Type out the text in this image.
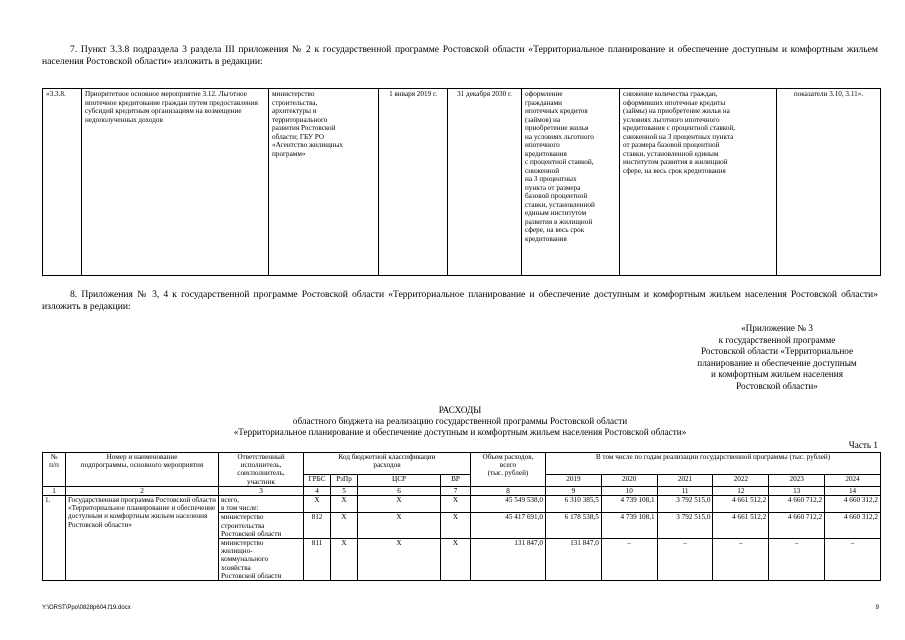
7. Пункт 3.3.8 подраздела 3 раздела III приложения № 2 к государственной программе Ростовской области «Территориальное планирование и обеспечение доступным и комфортным жильем населения Ростовской области» изложить в редакции:
«3.3.8.	Приоритетное основное мероприятие 3.12. Льготное ипотечное кредитование граждан путем предоставления субсидий кредитным организациям на возмещение недополученных доходов	министерство
строительства,
архитектуры и
территориального
развития Ростовской
области; ГБУ РО
«Агентство жилищных
программ»	1 января 2019 г.	31 декабря 2030 г.	оформление
гражданами
ипотечных кредитов
(займов) на
приобретение жилья
на условиях льготного
ипотечного
кредитования
с процентной ставкой,
сниженной
на 3 процентных
пункта от размера
базовой процентной
ставки, установленной
единым институтом
развития в жилищной
сфере, на весь срок
кредитования	снижение количества граждан,
оформивших ипотечные кредиты
(займы) на приобретение жилья на
условиях льготного ипотечного
кредитования с процентной ставкой,
сниженной на 3 процентных пункта
от размера базовой процентной
ставки, установленной единым
институтом развития в жилищной
сфере, на весь срок кредитования	показатели 3.10, 3.11».
8. Приложения № 3, 4 к государственной программе Ростовской области «Территориальное планирование и обеспечение доступным и комфортным жильем населения Ростовской области» изложить в редакции:
«Приложение № 3
к государственной программе
Ростовской области «Территориальное
планирование и обеспечение доступным
и комфортным жильем населения
Ростовской области»
РАСХОДЫ
областного бюджета на реализацию государственной программы Ростовской области
«Территориальное планирование и обеспечение доступным и комфортным жильем населения Ростовской области»
Часть 1
№
п/п	Номер и наименование
подпрограммы, основного мероприятия	Ответственный
исполнитель,
соисполнитель,
участник	Код бюджетной классификации
расходов				Объем расходов,
всего
(тыс. рублей)	В том числе по годам реализации государственной программы (тыс. рублей)					
			ГРБС	РзПр	ЦСР	ВР		2019	2020	2021	2022	2023	2024
1	2	3	4	5	6	7	8	9	10	11	12	13	14
1.	Государственная программа Ростовской области «Территориальное планирование и обеспечение доступным и комфортным жильем населения Ростовской области»	всего,
в том числе:	Х	Х	Х	Х	45 549 538,0	6 310 385,5	4 739 108,1	3 792 515,0	4 661 512,2	4 660 712,2	4 660 312,2
		министерство
строительства
Ростовской области	812	Х	Х	Х	45 417 691,0	6 178 538,5	4 739 108,1	3 792 515,0	4 661 512,2	4 660 712,2	4 660 312,2
		министерство
жилищно-
коммунального
хозяйства
Ростовской области	811	Х	Х	Х	131 847,0	131 847,0	–	–	–	–	–
Y:\ORST\Ppo\0828p604.f19.docx	9
